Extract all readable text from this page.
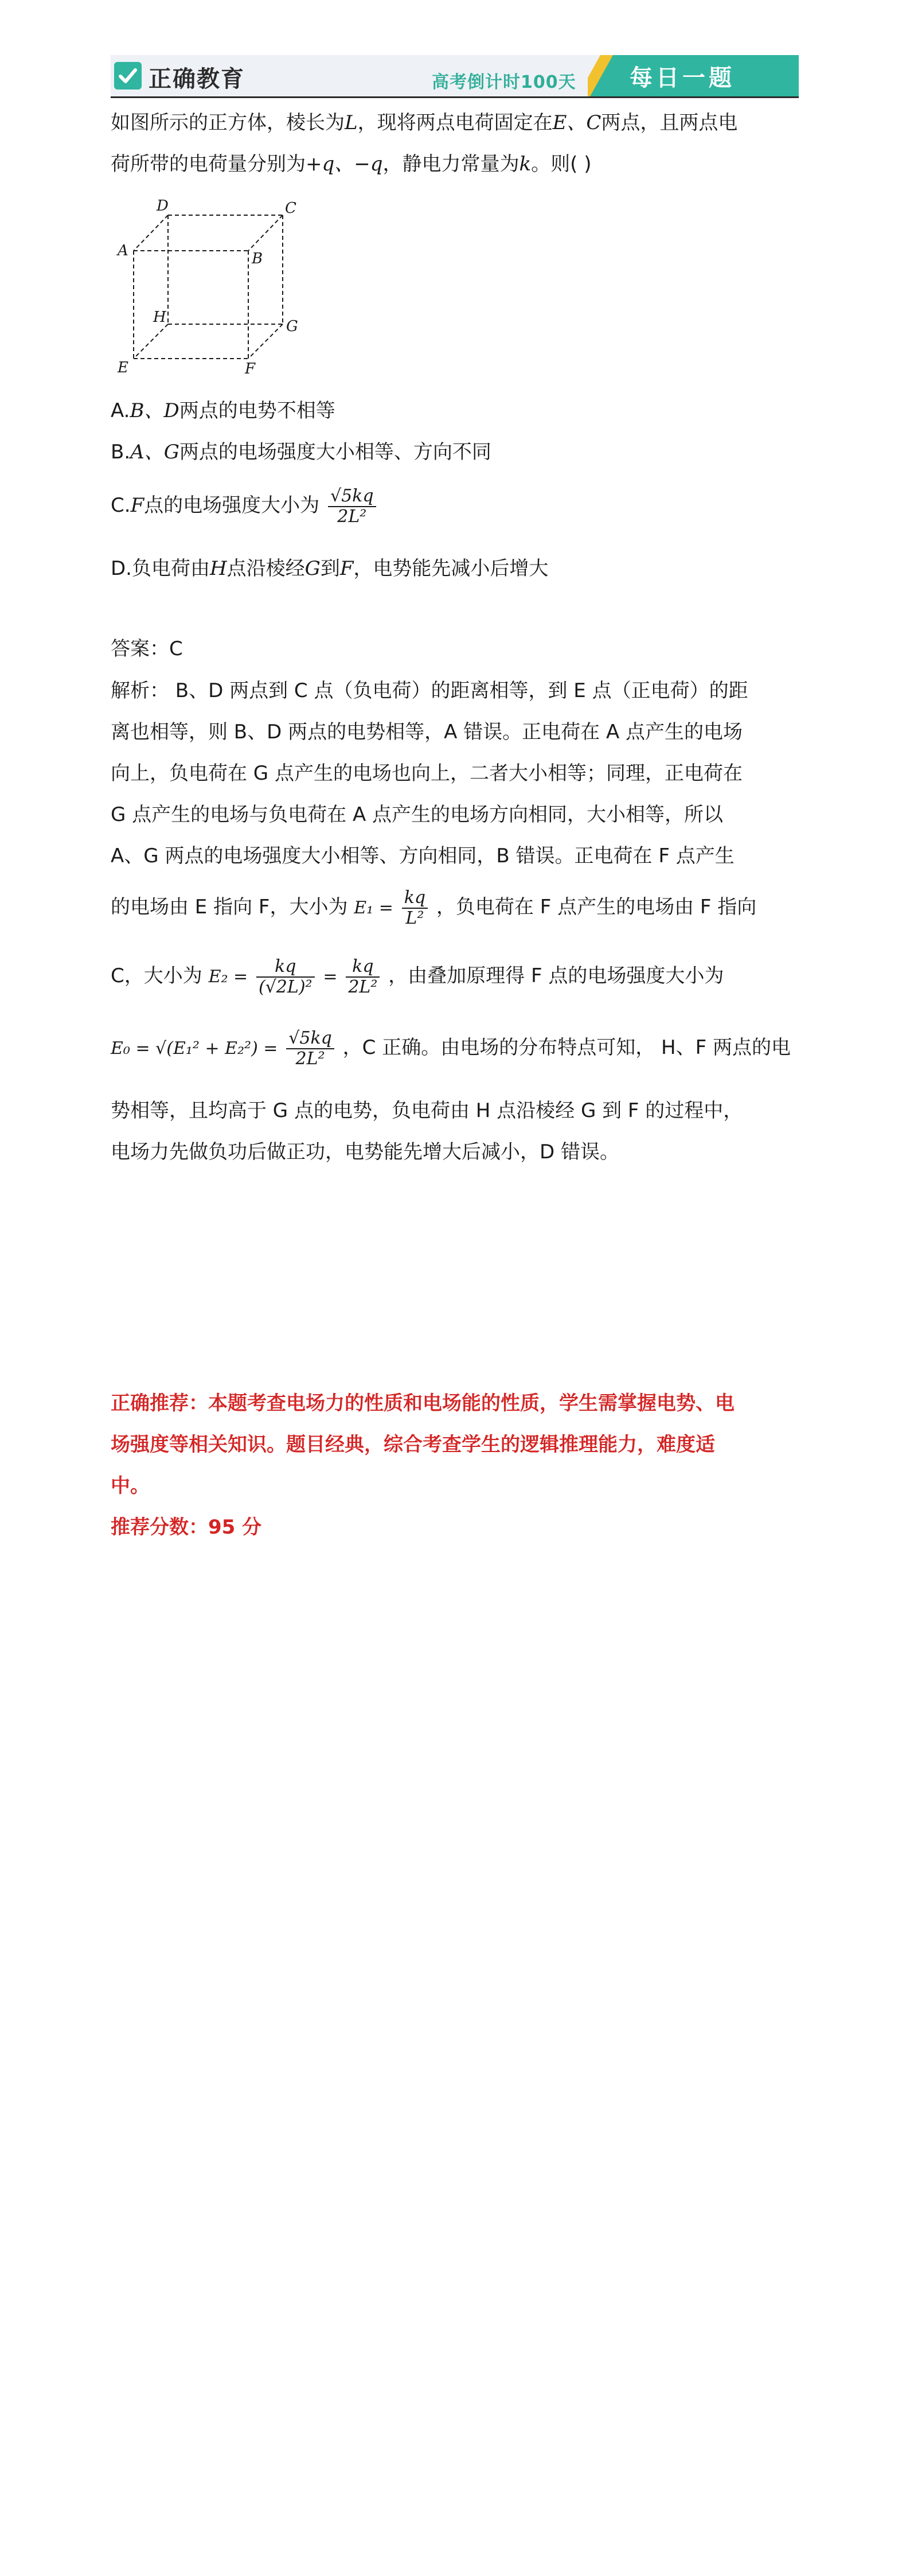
正确教育	高考倒计时100天 每日一题
如图所示的正方体，棱长为L，现将两点电荷固定在E、C两点，且两点电
荷所带的电荷量分别为+q、−q，静电力常量为k。则( )
D	C
A	B
H
G
E	F
A.B、D两点的电势不相等
B.A、G两点的电场强度大小相等、方向不同
C.F点的电场强度大小为 $\frac{√5kq}{\text{2L²}}$
D.负电荷由H点沿棱经G到F，电势能先减小后增大
答案：C
解析： B、D 两点到 C 点（负电荷）的距离相等，到 E 点（正电荷）的距
离也相等，则 B、D 两点的电势相等，A 错误。正电荷在 A 点产生的电场
向上，负电荷在 G 点产生的电场也向上，二者大小相等；同理，正电荷在
G 点产生的电场与负电荷在 A 点产生的电场方向相同，大小相等，所以
A、G 两点的电场强度大小相等、方向相同，B 错误。正电荷在 F 点产生
的电场由 E 指向 F，大小为 $E_1 = \frac{kq}{\text{L²}}$ ，负电荷在 F 点产生的电场由 F 指向
C，大小为 $E_2 = \frac{kq}{\text{(√2L)²}} = \frac{kq}{\text{2L²}}$ ，由叠加原理得 F 点的电场强度大小为
$E_0 = √(E_1^2 + E_2^2) = \frac{√5kq}{\text{2L²}}$ ，C 正确。由电场的分布特点可知， H、F 两点的电
势相等，且均高于 G 点的电势，负电荷由 H 点沿棱经 G 到 F 的过程中，
电场力先做负功后做正功，电势能先增大后减小，D 错误。
正确推荐：本题考查电场力的性质和电场能的性质，学生需掌握电势、电
场强度等相关知识。题目经典，综合考查学生的逻辑推理能力，难度适
中。
推荐分数：95 分
